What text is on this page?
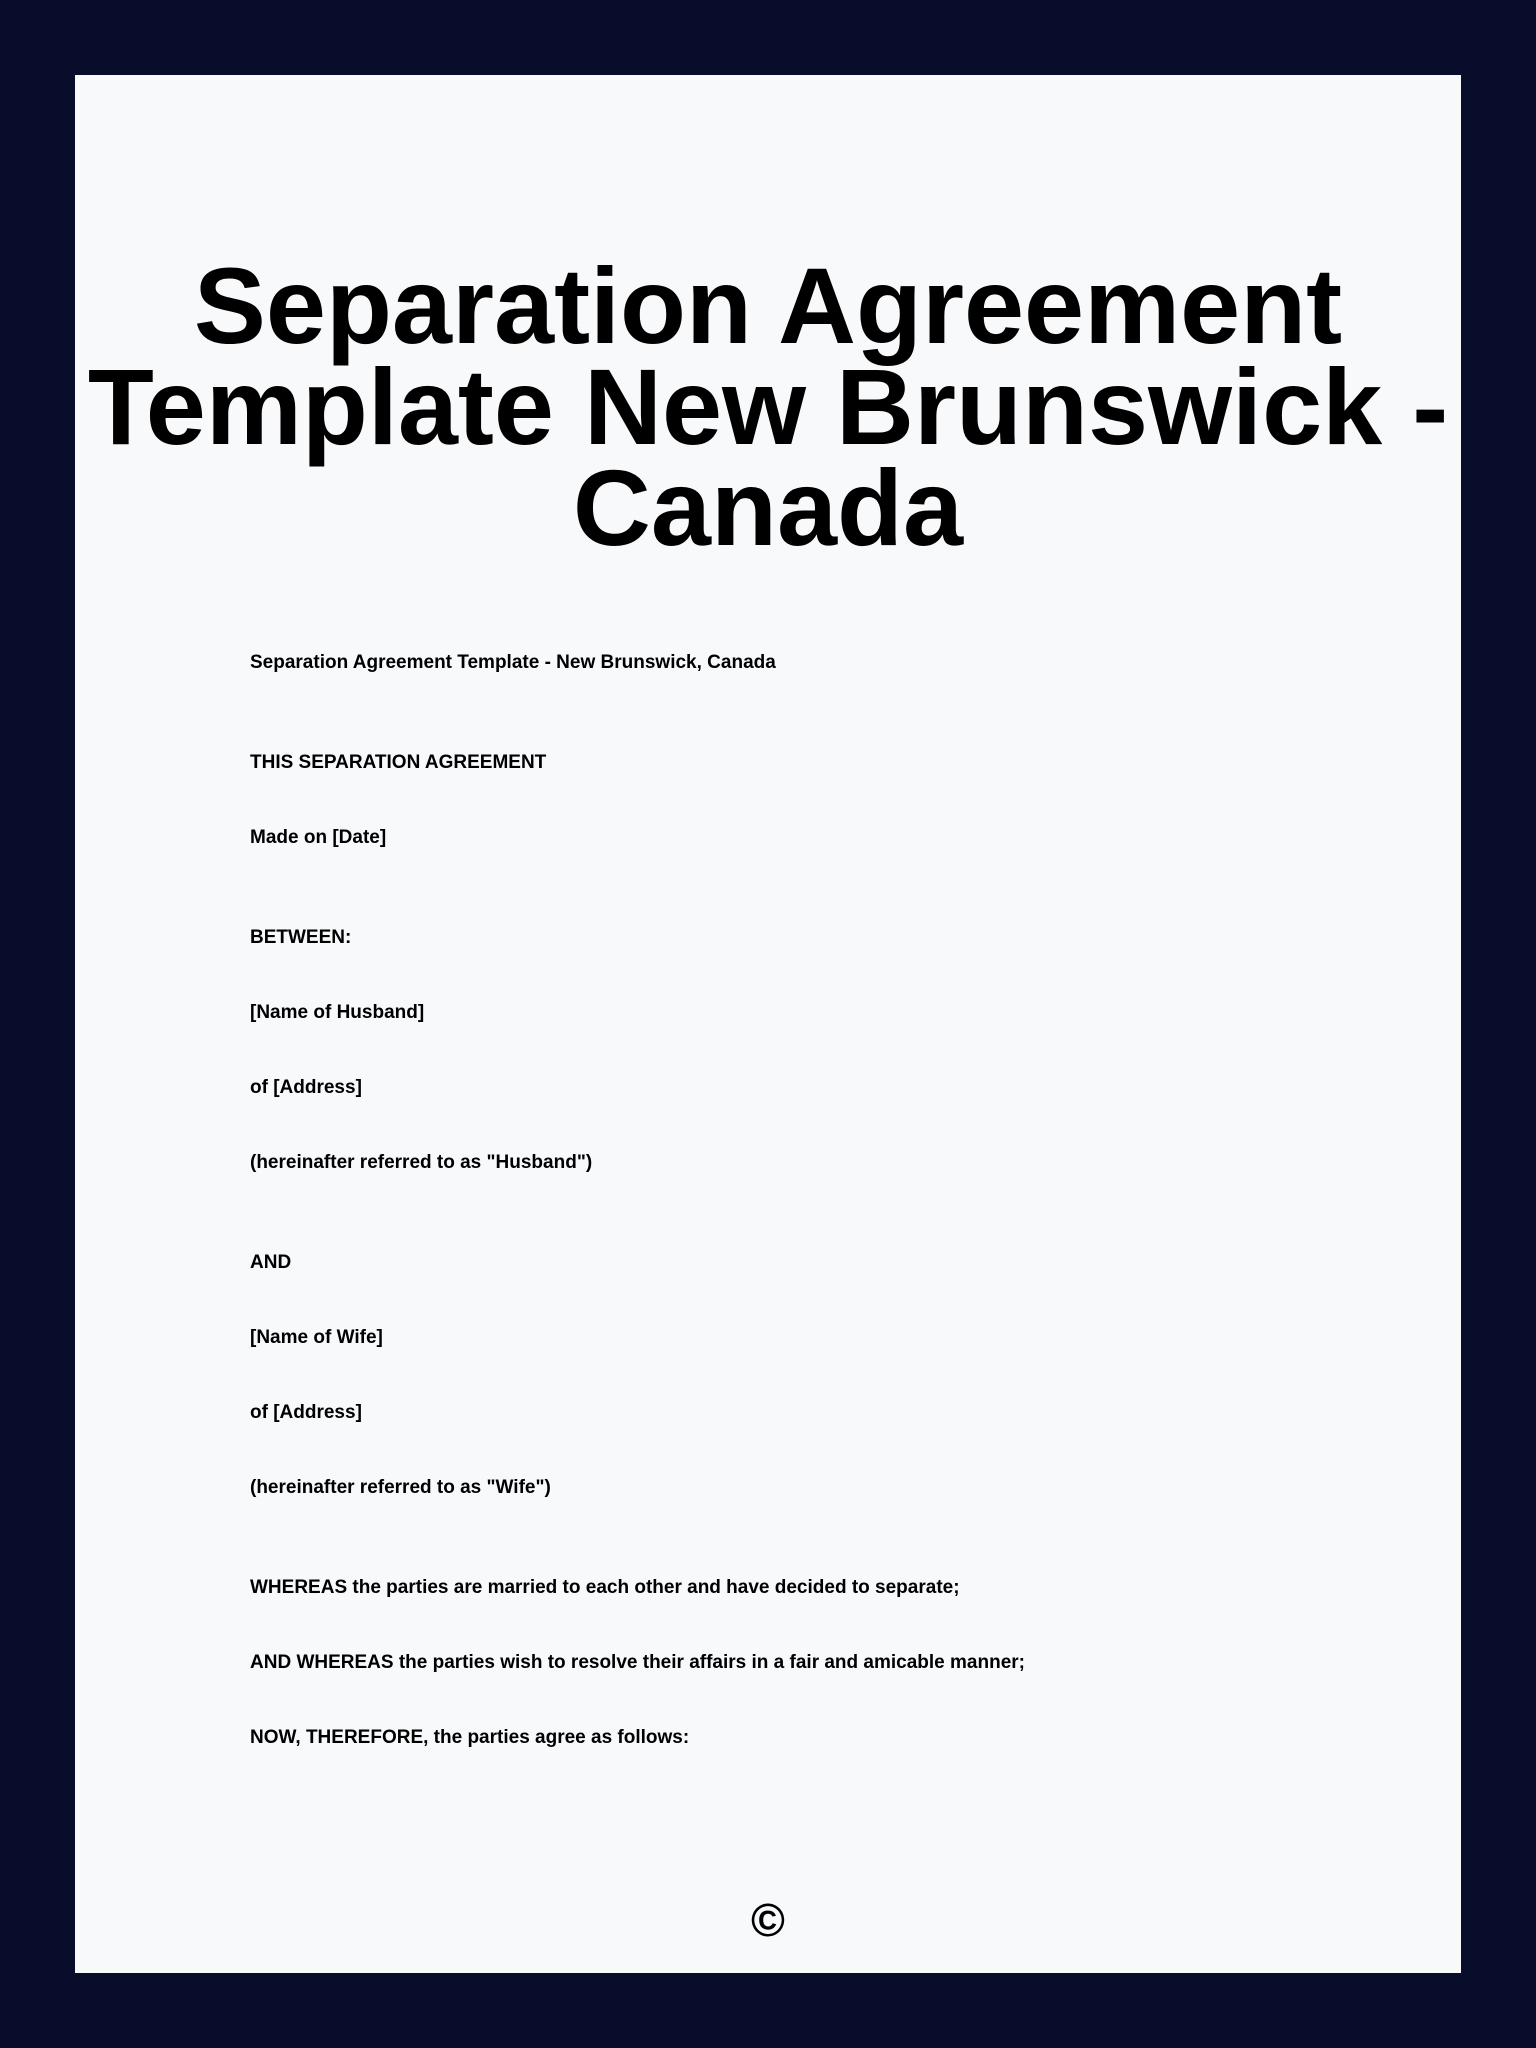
Separation Agreement
Template New Brunswick -
Canada

Separation Agreement Template - New Brunswick, Canada

THIS SEPARATION AGREEMENT

Made on [Date]

BETWEEN:

[Name of Husband]

of [Address]

(hereinafter referred to as "Husband")

AND

[Name of Wife]

of [Address]

(hereinafter referred to as "Wife")

WHEREAS the parties are married to each other and have decided to separate;

AND WHEREAS the parties wish to resolve their affairs in a fair and amicable manner;

NOW, THEREFORE, the parties agree as follows:

©
